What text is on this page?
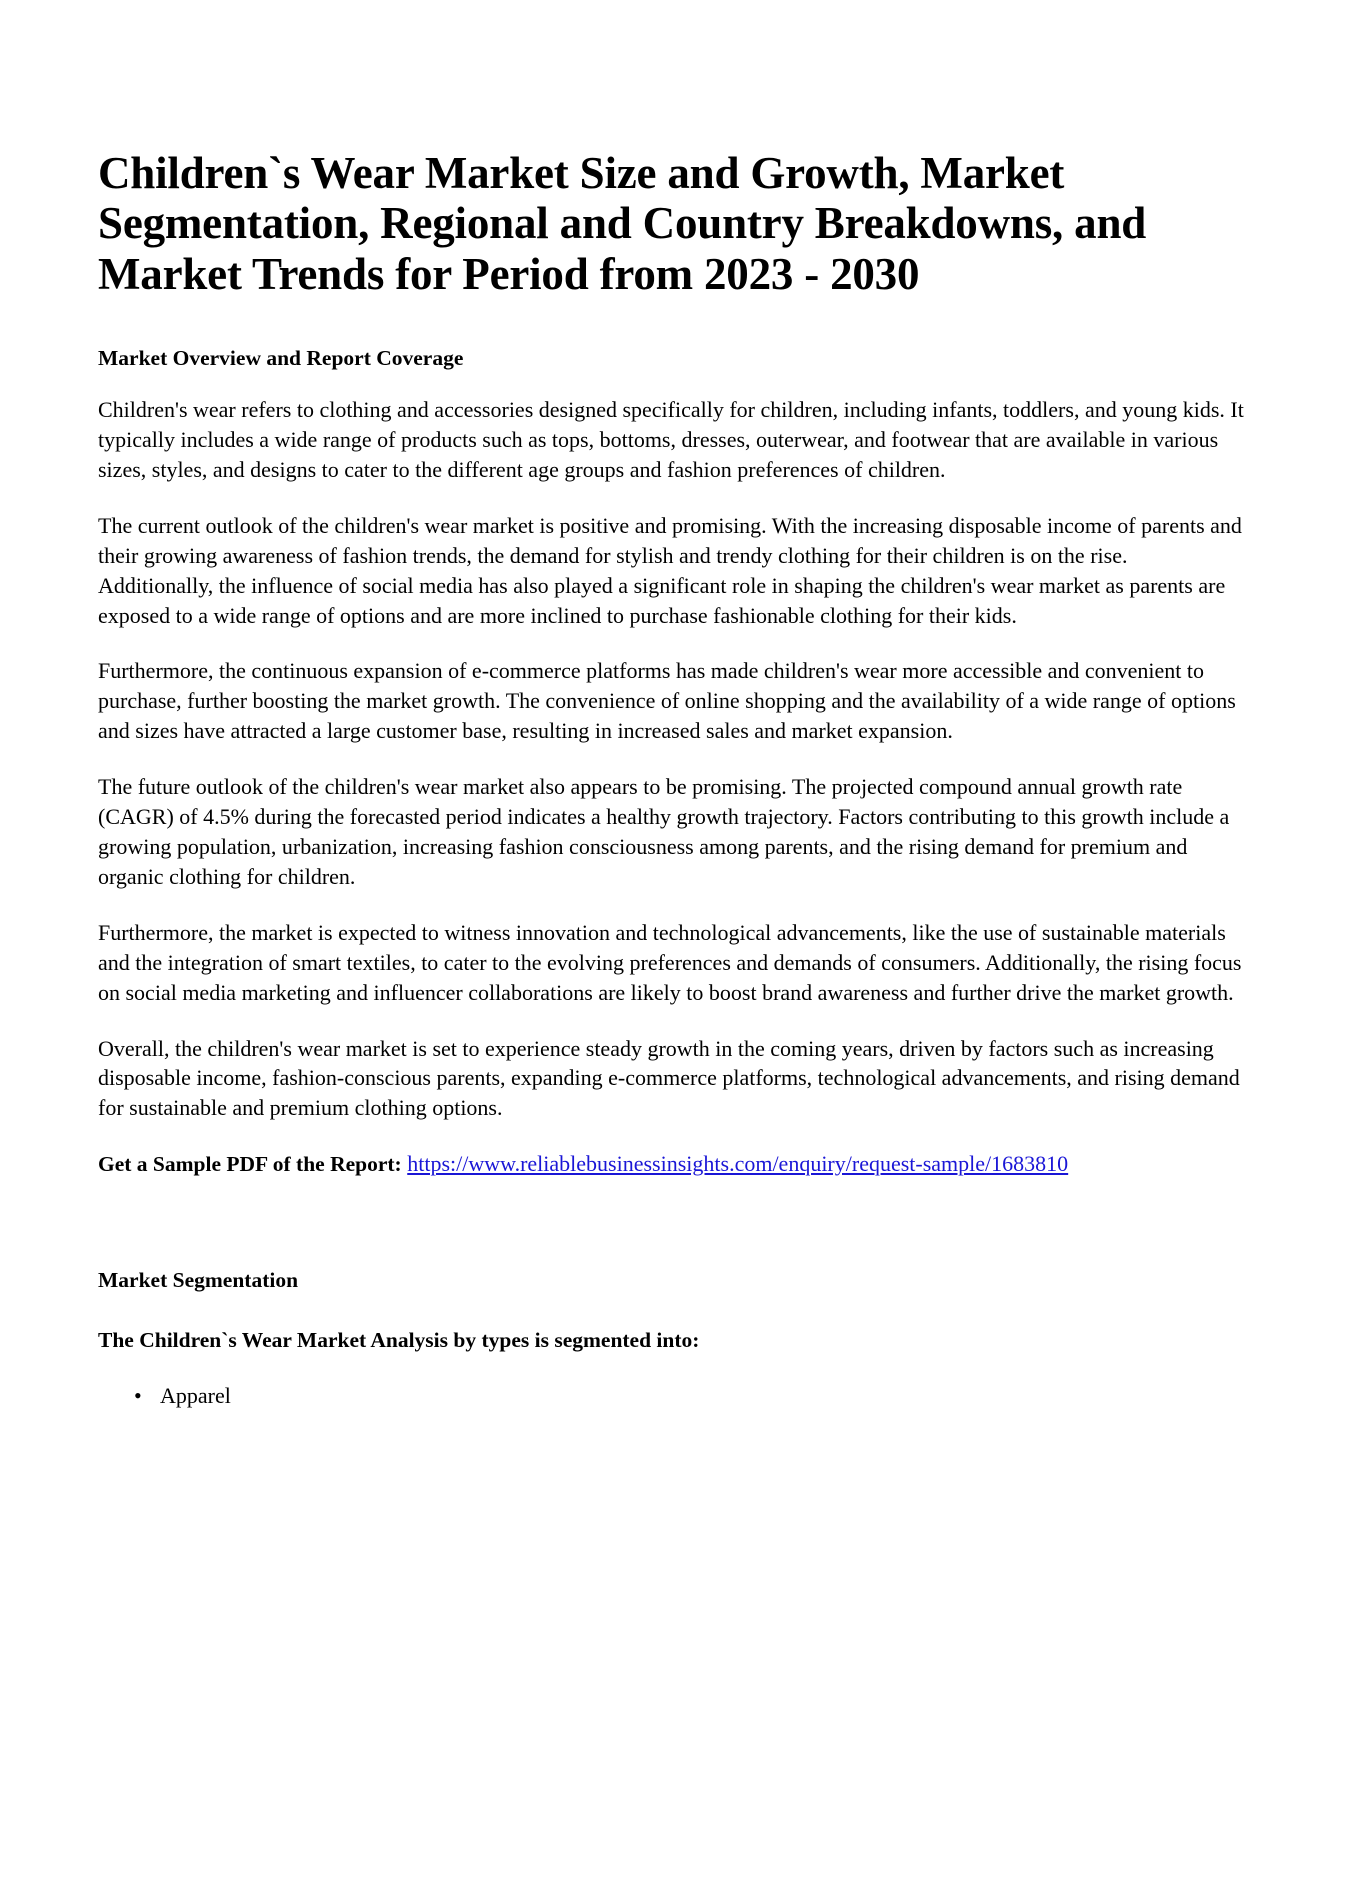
Children`s Wear Market Size and Growth, Market Segmentation, Regional and Country Breakdowns, and Market Trends for Period from 2023 - 2030
Market Overview and Report Coverage

Children's wear refers to clothing and accessories designed specifically for children, including infants, toddlers, and young kids. It typically includes a wide range of products such as tops, bottoms, dresses, outerwear, and footwear that are available in various sizes, styles, and designs to cater to the different age groups and fashion preferences of children.

The current outlook of the children's wear market is positive and promising. With the increasing disposable income of parents and their growing awareness of fashion trends, the demand for stylish and trendy clothing for their children is on the rise. Additionally, the influence of social media has also played a significant role in shaping the children's wear market as parents are exposed to a wide range of options and are more inclined to purchase fashionable clothing for their kids.

Furthermore, the continuous expansion of e-commerce platforms has made children's wear more accessible and convenient to purchase, further boosting the market growth. The convenience of online shopping and the availability of a wide range of options and sizes have attracted a large customer base, resulting in increased sales and market expansion.

The future outlook of the children's wear market also appears to be promising. The projected compound annual growth rate (CAGR) of 4.5% during the forecasted period indicates a healthy growth trajectory. Factors contributing to this growth include a growing population, urbanization, increasing fashion consciousness among parents, and the rising demand for premium and organic clothing for children.

Furthermore, the market is expected to witness innovation and technological advancements, like the use of sustainable materials and the integration of smart textiles, to cater to the evolving preferences and demands of consumers. Additionally, the rising focus on social media marketing and influencer collaborations are likely to boost brand awareness and further drive the market growth.

Overall, the children's wear market is set to experience steady growth in the coming years, driven by factors such as increasing disposable income, fashion-conscious parents, expanding e-commerce platforms, technological advancements, and rising demand for sustainable and premium clothing options.

Get a Sample PDF of the Report: https://www.reliablebusinessinsights.com/enquiry/request-sample/1683810

Market Segmentation
The Children`s Wear Market Analysis by types is segmented into:
• Apparel
